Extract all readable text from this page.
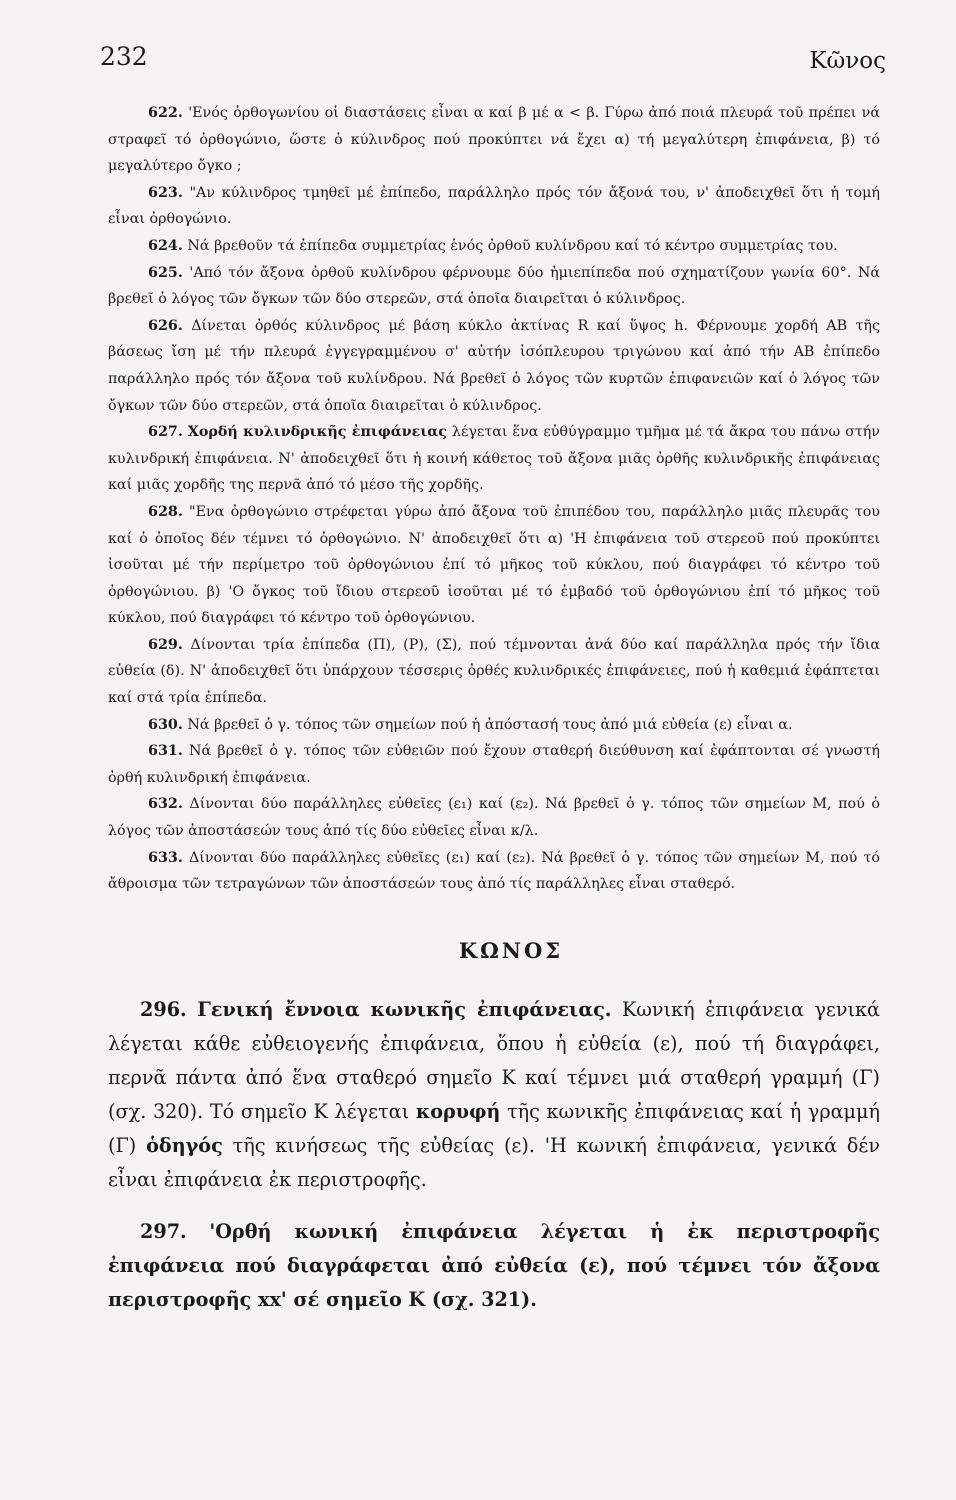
232	Κῶνος

622. 'Ενός ὀρθογωνίου οἱ διαστάσεις εἶναι α καί β μέ α < β. Γύρω ἀπό ποιά πλευρά τοῦ πρέπει νά στραφεῖ τό ὀρθογώνιο, ὥστε ὁ κύλινδρος πού προκύπτει νά ἔχει α) τή μεγαλύτερη ἐπιφάνεια, β) τό μεγαλύτερο ὄγκο ;

623. "Αν κύλινδρος τμηθεῖ μέ ἐπίπεδο, παράλληλο πρός τόν ἄξονά του, ν' ἀποδειχθεῖ ὅτι ἡ τομή εἶναι ὀρθογώνιο.

624. Νά βρεθοῦν τά ἐπίπεδα συμμετρίας ἑνός ὀρθοῦ κυλίνδρου καί τό κέντρο συμμετρίας του.

625. 'Από τόν ἄξονα ὀρθοῦ κυλίνδρου φέρνουμε δύο ἡμιεπίπεδα πού σχηματίζουν γωνία 60°. Νά βρεθεῖ ὁ λόγος τῶν ὄγκων τῶν δύο στερεῶν, στά ὁποῖα διαιρεῖται ὁ κύλινδρος.

626. Δίνεται ὀρθός κύλινδρος μέ βάση κύκλο ἀκτίνας R καί ὕψος h. Φέρνουμε χορδή ΑΒ τῆς βάσεως ἴση μέ τήν πλευρά ἐγγεγραμμένου σ' αὐτήν ἰσόπλευρου τριγώνου καί ἀπό τήν ΑΒ ἐπίπεδο παράλληλο πρός τόν ἄξονα τοῦ κυλίνδρου. Νά βρεθεῖ ὁ λόγος τῶν κυρτῶν ἐπιφανειῶν καί ὁ λόγος τῶν ὄγκων τῶν δύο στερεῶν, στά ὁποῖα διαιρεῖται ὁ κύλινδρος.

627. Χορδή κυλινδρικῆς ἐπιφάνειας λέγεται ἕνα εὐθύγραμμο τμῆμα μέ τά ἄκρα του πάνω στήν κυλινδρική ἐπιφάνεια. Ν' ἀποδειχθεῖ ὅτι ἡ κοινή κάθετος τοῦ ἄξονα μιᾶς ὀρθῆς κυλινδρικῆς ἐπιφάνειας καί μιᾶς χορδῆς της περνᾶ ἀπό τό μέσο τῆς χορδῆς.

628. "Ενα ὀρθογώνιο στρέφεται γύρω ἀπό ἄξονα τοῦ ἐπιπέδου του, παράλληλο μιᾶς πλευρᾶς του καί ὁ ὁποῖος δέν τέμνει τό ὀρθογώνιο. Ν' ἀποδειχθεῖ ὅτι α) 'Η ἐπιφάνεια τοῦ στερεοῦ πού προκύπτει ἰσοῦται μέ τήν περίμετρο τοῦ ὀρθογώνιου ἐπί τό μῆκος τοῦ κύκλου, πού διαγράφει τό κέντρο τοῦ ὀρθογώνιου. β) 'Ο ὄγκος τοῦ ἴδιου στερεοῦ ἰσοῦται μέ τό ἐμβαδό τοῦ ὀρθογώνιου ἐπί τό μῆκος τοῦ κύκλου, πού διαγράφει τό κέντρο τοῦ ὀρθογώνιου.

629. Δίνονται τρία ἐπίπεδα (Π), (Ρ), (Σ), πού τέμνονται ἀνά δύο καί παράλληλα πρός τήν ἴδια εὐθεία (δ). Ν' ἀποδειχθεῖ ὅτι ὑπάρχουν τέσσερις ὀρθές κυλινδρικές ἐπιφάνειες, πού ἡ καθεμιά ἐφάπτεται καί στά τρία ἐπίπεδα.

630. Νά βρεθεῖ ὁ γ. τόπος τῶν σημείων πού ἡ ἀπόστασή τους ἀπό μιά εὐθεία (ε) εἶναι α.

631. Νά βρεθεῖ ὁ γ. τόπος τῶν εὐθειῶν πού ἔχουν σταθερή διεύθυνση καί ἐφάπτονται σέ γνωστή ὀρθή κυλινδρική ἐπιφάνεια.

632. Δίνονται δύο παράλληλες εὐθεῖες (ε₁) καί (ε₂). Νά βρεθεῖ ὁ γ. τόπος τῶν σημείων Μ, πού ὁ λόγος τῶν ἀποστάσεών τους ἀπό τίς δύο εὐθεῖες εἶναι κ/λ.

633. Δίνονται δύο παράλληλες εὐθεῖες (ε₁) καί (ε₂). Νά βρεθεῖ ὁ γ. τόπος τῶν σημείων Μ, πού τό ἄθροισμα τῶν τετραγώνων τῶν ἀποστάσεών τους ἀπό τίς παράλληλες εἶναι σταθερό.

ΚΩΝΟΣ

296. Γενική ἔννοια κωνικῆς ἐπιφάνειας. Κωνική ἐπιφάνεια γενικά λέγεται κάθε εὐθειογενής ἐπιφάνεια, ὅπου ἡ εὐθεία (ε), πού τή διαγράφει, περνᾶ πάντα ἀπό ἕνα σταθερό σημεῖο Κ καί τέμνει μιά σταθερή γραμμή (Γ) (σχ. 320). Τό σημεῖο Κ λέγεται κορυφή τῆς κωνικῆς ἐπιφάνειας καί ἡ γραμμή (Γ) ὁδηγός τῆς κινήσεως τῆς εὐθείας (ε). 'Η κωνική ἐπιφάνεια, γενικά δέν εἶναι ἐπιφάνεια ἐκ περιστροφῆς.

297. 'Ορθή κωνική ἐπιφάνεια λέγεται ἡ ἐκ περιστροφῆς ἐπιφάνεια πού διαγράφεται ἀπό εὐθεία (ε), πού τέμνει τόν ἄξονα περιστροφῆς xx' σέ σημεῖο Κ (σχ. 321).
